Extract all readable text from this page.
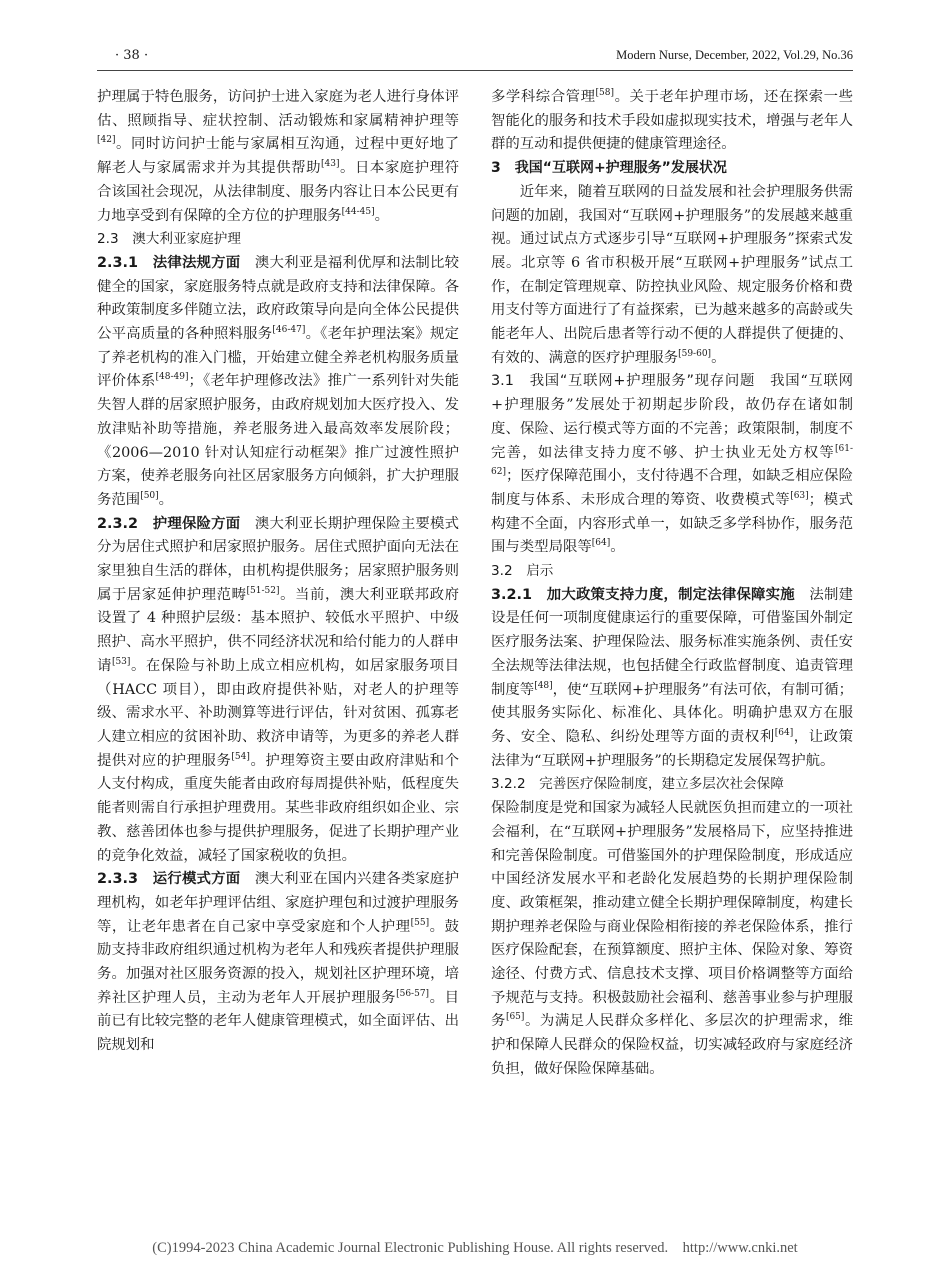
· 38 ·	Modern Nurse, December, 2022, Vol.29, No.36

护理属于特色服务，访问护士进入家庭为老人进行身体评估、照顾指导、症状控制、活动锻炼和家属精神护理等[42]。同时访问护士能与家属相互沟通，过程中更好地了解老人与家属需求并为其提供帮助[43]。日本家庭护理符合该国社会现况，从法律制度、服务内容让日本公民更有力地享受到有保障的全方位的护理服务[44-45]。

2.3　澳大利亚家庭护理

2.3.1　法律法规方面　澳大利亚是福利优厚和法制比较健全的国家，家庭服务特点就是政府支持和法律保障。各种政策制度多伴随立法，政府政策导向是向全体公民提供公平高质量的各种照料服务[46-47]。《老年护理法案》规定了养老机构的准入门槛，开始建立健全养老机构服务质量评价体系[48-49]；《老年护理修改法》推广一系列针对失能失智人群的居家照护服务，由政府规划加大医疗投入、发放津贴补助等措施，养老服务进入最高效率发展阶段；《2006—2010 针对认知症行动框架》推广过渡性照护方案，使养老服务向社区居家服务方向倾斜，扩大护理服务范围[50]。

2.3.2　护理保险方面　澳大利亚长期护理保险主要模式分为居住式照护和居家照护服务。居住式照护面向无法在家里独自生活的群体，由机构提供服务；居家照护服务则属于居家延伸护理范畴[51-52]。当前，澳大利亚联邦政府设置了 4 种照护层级：基本照护、较低水平照护、中级照护、高水平照护，供不同经济状况和给付能力的人群申请[53]。在保险与补助上成立相应机构，如居家服务项目（HACC 项目），即由政府提供补贴，对老人的护理等级、需求水平、补助测算等进行评估，针对贫困、孤寡老人建立相应的贫困补助、救济申请等，为更多的养老人群提供对应的护理服务[54]。护理筹资主要由政府津贴和个人支付构成，重度失能者由政府每周提供补贴，低程度失能者则需自行承担护理费用。某些非政府组织如企业、宗教、慈善团体也参与提供护理服务，促进了长期护理产业的竞争化效益，减轻了国家税收的负担。

2.3.3　运行模式方面　澳大利亚在国内兴建各类家庭护理机构，如老年护理评估组、家庭护理包和过渡护理服务等，让老年患者在自己家中享受家庭和个人护理[55]。鼓励支持非政府组织通过机构为老年人和残疾者提供护理服务。加强对社区服务资源的投入，规划社区护理环境，培养社区护理人员，主动为老年人开展护理服务[56-57]。目前已有比较完整的老年人健康管理模式，如全面评估、出院规划和

多学科综合管理[58]。关于老年护理市场，还在探索一些智能化的服务和技术手段如虚拟现实技术，增强与老年人群的互动和提供便捷的健康管理途径。

3　我国“互联网+护理服务”发展状况

近年来，随着互联网的日益发展和社会护理服务供需问题的加剧，我国对“互联网+护理服务”的发展越来越重视。通过试点方式逐步引导“互联网+护理服务”探索式发展。北京等 6 省市积极开展“互联网+护理服务”试点工作，在制定管理规章、防控执业风险、规定服务价格和费用支付等方面进行了有益探索，已为越来越多的高龄或失能老年人、出院后患者等行动不便的人群提供了便捷的、有效的、满意的医疗护理服务[59-60]。

3.1　我国“互联网+护理服务”现存问题　我国“互联网+护理服务”发展处于初期起步阶段，故仍存在诸如制度、保险、运行模式等方面的不完善；政策限制，制度不完善，如法律支持力度不够、护士执业无处方权等[61-62]；医疗保障范围小，支付待遇不合理，如缺乏相应保险制度与体系、未形成合理的筹资、收费模式等[63]；模式构建不全面，内容形式单一，如缺乏多学科协作，服务范围与类型局限等[64]。

3.2　启示

3.2.1　加大政策支持力度，制定法律保障实施　法制建设是任何一项制度健康运行的重要保障，可借鉴国外制定医疗服务法案、护理保险法、服务标准实施条例、责任安全法规等法律法规，也包括健全行政监督制度、追责管理制度等[48]，使“互联网+护理服务”有法可依，有制可循；使其服务实际化、标准化、具体化。明确护患双方在服务、安全、隐私、纠纷处理等方面的责权利[64]，让政策法律为“互联网+护理服务”的长期稳定发展保驾护航。

3.2.2　完善医疗保险制度，建立多层次社会保障

保险制度是党和国家为减轻人民就医负担而建立的一项社会福利，在“互联网+护理服务”发展格局下，应坚持推进和完善保险制度。可借鉴国外的护理保险制度，形成适应中国经济发展水平和老龄化发展趋势的长期护理保险制度、政策框架，推动建立健全长期护理保障制度，构建长期护理养老保险与商业保险相衔接的养老保险体系，推行医疗保险配套，在预算额度、照护主体、保险对象、筹资途径、付费方式、信息技术支撑、项目价格调整等方面给予规范与支持。积极鼓励社会福利、慈善事业参与护理服务[65]。为满足人民群众多样化、多层次的护理需求，维护和保障人民群众的保险权益，切实减轻政府与家庭经济负担，做好保险保障基础。

(C)1994-2023 China Academic Journal Electronic Publishing House. All rights reserved.　http://www.cnki.net
